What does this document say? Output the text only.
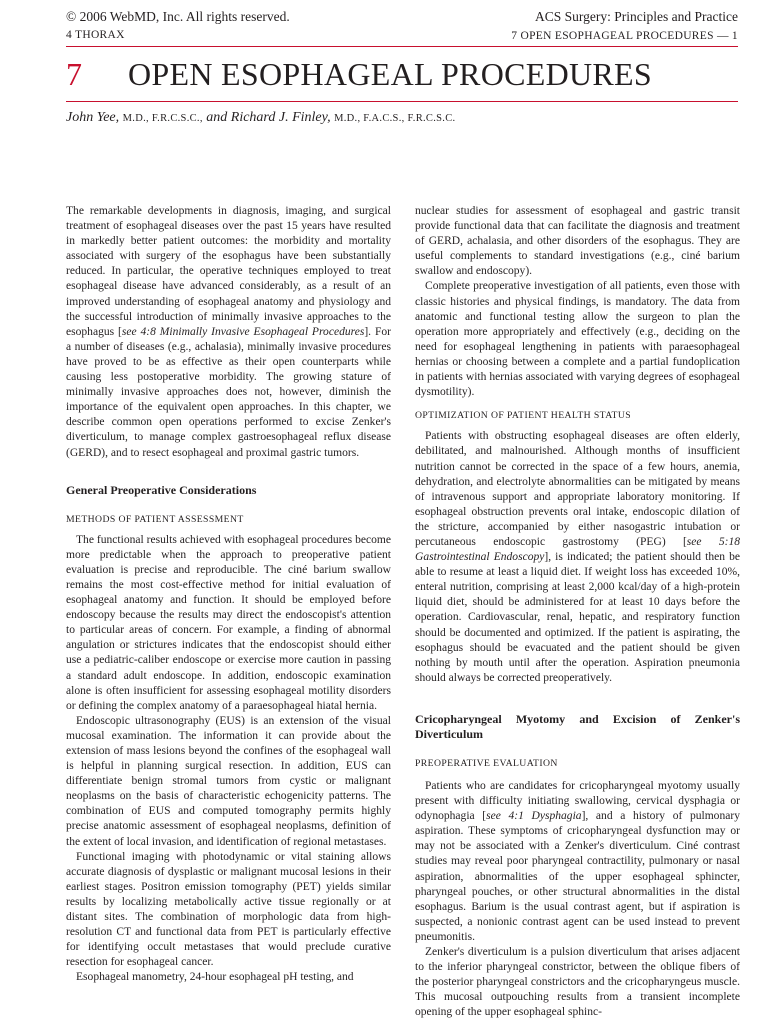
© 2006 WebMD, Inc. All rights reserved.
4 THORAX
ACS Surgery: Principles and Practice
7 OPEN ESOPHAGEAL PROCEDURES — 1
7 OPEN ESOPHAGEAL PROCEDURES
John Yee, M.D., F.R.C.S.C., and Richard J. Finley, M.D., F.A.C.S., F.R.C.S.C.

The remarkable developments in diagnosis, imaging, and surgical treatment of esophageal diseases over the past 15 years have resulted in markedly better patient outcomes: the morbidity and mortality associated with surgery of the esophagus have been substantially reduced. In particular, the operative techniques employed to treat esophageal disease have advanced considerably, as a result of an improved understanding of esophageal anatomy and physiology and the successful introduction of minimally invasive approaches to the esophagus [see 4:8 Minimally Invasive Esophageal Procedures]. For a number of diseases (e.g., achalasia), minimally invasive procedures have proved to be as effective as their open counterparts while causing less postoperative morbidity. The growing stature of minimally invasive approaches does not, however, diminish the importance of the equivalent open approaches. In this chapter, we describe common open operations performed to excise Zenker's diverticulum, to manage complex gastroesophageal reflux disease (GERD), and to resect esophageal and proximal gastric tumors.

General Preoperative Considerations

METHODS OF PATIENT ASSESSMENT

The functional results achieved with esophageal procedures become more predictable when the approach to preoperative patient evaluation is precise and reproducible. The ciné barium swallow remains the most cost-effective method for initial evaluation of esophageal anatomy and function. It should be employed before endoscopy because the results may direct the endoscopist's attention to particular areas of concern. For example, a finding of abnormal angulation or strictures indicates that the endoscopist should either use a pediatric-caliber endoscope or exercise more caution in passing a standard adult endoscope. In addition, endoscopic examination alone is often insufficient for assessing esophageal motility disorders or defining the complex anatomy of a paraesophageal hiatal hernia.

Endoscopic ultrasonography (EUS) is an extension of the visual mucosal examination. The information it can provide about the extension of mass lesions beyond the confines of the esophageal wall is helpful in planning surgical resection. In addition, EUS can differentiate benign stromal tumors from cystic or malignant neoplasms on the basis of characteristic echogenicity patterns. The combination of EUS and computed tomography permits highly precise anatomic assessment of esophageal neoplasms, definition of the extent of local invasion, and identification of regional metastases.

Functional imaging with photodynamic or vital staining allows accurate diagnosis of dysplastic or malignant mucosal lesions in their earliest stages. Positron emission tomography (PET) yields similar results by localizing metabolically active tissue regionally or at distant sites. The combination of morphologic data from high-resolution CT and functional data from PET is particularly effective for identifying occult metastases that would preclude curative resection for esophageal cancer.

Esophageal manometry, 24-hour esophageal pH testing, and

nuclear studies for assessment of esophageal and gastric transit provide functional data that can facilitate the diagnosis and treatment of GERD, achalasia, and other disorders of the esophagus. They are useful complements to standard investigations (e.g., ciné barium swallow and endoscopy).

Complete preoperative investigation of all patients, even those with classic histories and physical findings, is mandatory. The data from anatomic and functional testing allow the surgeon to plan the operation more appropriately and effectively (e.g., deciding on the need for esophageal lengthening in patients with paraesophageal hernias or choosing between a complete and a partial fundoplication in patients with hernias associated with varying degrees of esophageal dysmotility).

OPTIMIZATION OF PATIENT HEALTH STATUS

Patients with obstructing esophageal diseases are often elderly, debilitated, and malnourished. Although months of insufficient nutrition cannot be corrected in the space of a few hours, anemia, dehydration, and electrolyte abnormalities can be mitigated by means of intravenous support and appropriate laboratory monitoring. If esophageal obstruction prevents oral intake, endoscopic dilation of the stricture, accompanied by either nasogastric intubation or percutaneous endoscopic gastrostomy (PEG) [see 5:18 Gastrointestinal Endoscopy], is indicated; the patient should then be able to resume at least a liquid diet. If weight loss has exceeded 10%, enteral nutrition, comprising at least 2,000 kcal/day of a high-protein liquid diet, should be administered for at least 10 days before the operation. Cardiovascular, renal, hepatic, and respiratory function should be documented and optimized. If the patient is aspirating, the esophagus should be evacuated and the patient should be given nothing by mouth until after the operation. Aspiration pneumonia should always be corrected preoperatively.

Cricopharyngeal Myotomy and Excision of Zenker's Diverticulum

PREOPERATIVE EVALUATION

Patients who are candidates for cricopharyngeal myotomy usually present with difficulty initiating swallowing, cervical dysphagia or odynophagia [see 4:1 Dysphagia], and a history of pulmonary aspiration. These symptoms of cricopharyngeal dysfunction may or may not be associated with a Zenker's diverticulum. Ciné contrast studies may reveal poor pharyngeal contractility, pulmonary or nasal aspiration, abnormalities of the upper esophageal sphincter, pharyngeal pouches, or other structural abnormalities in the distal esophagus. Barium is the usual contrast agent, but if aspiration is suspected, a nonionic contrast agent can be used instead to prevent pneumonitis.

Zenker's diverticulum is a pulsion diverticulum that arises adjacent to the inferior pharyngeal constrictor, between the oblique fibers of the posterior pharyngeal constrictors and the cricopharyngeus muscle. This mucosal outpouching results from a transient incomplete opening of the upper esophageal sphinc-
